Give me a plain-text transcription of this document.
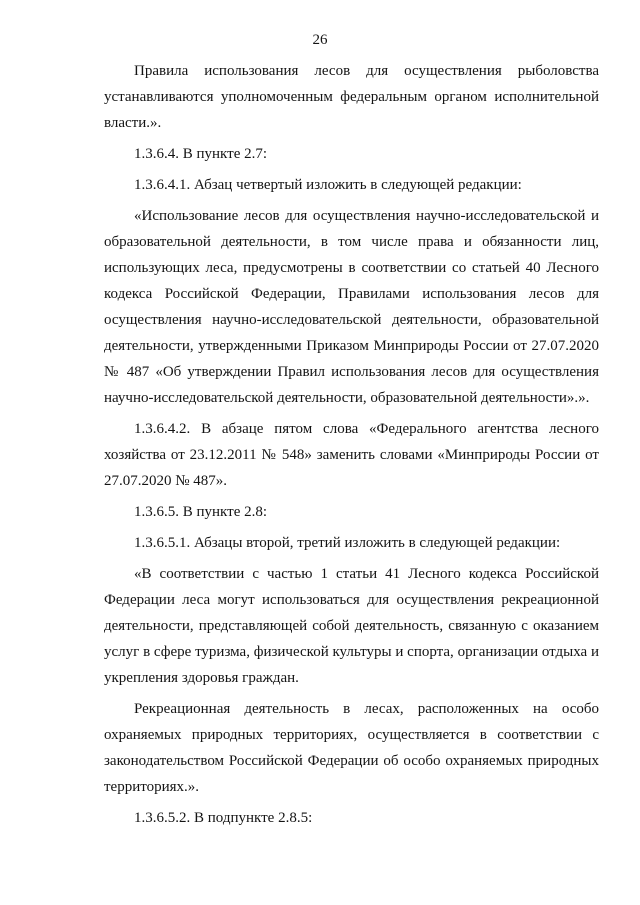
26

Правила использования лесов для осуществления рыболовства устанавливаются уполномоченным федеральным органом исполнительной власти.».

1.3.6.4. В пункте 2.7:

1.3.6.4.1. Абзац четвертый изложить в следующей редакции:

«Использование лесов для осуществления научно-исследовательской и образовательной деятельности, в том числе права и обязанности лиц, использующих леса, предусмотрены в соответствии со статьей 40 Лесного кодекса Российской Федерации, Правилами использования лесов для осуществления научно-исследовательской деятельности, образовательной деятельности, утвержденными Приказом Минприроды России от 27.07.2020 № 487 «Об утверждении Правил использования лесов для осуществления научно-исследовательской деятельности, образовательной деятельности».».

1.3.6.4.2. В абзаце пятом слова «Федерального агентства лесного хозяйства от 23.12.2011 № 548» заменить словами «Минприроды России от 27.07.2020 № 487».

1.3.6.5. В пункте 2.8:

1.3.6.5.1. Абзацы второй, третий изложить в следующей редакции:

«В соответствии с частью 1 статьи 41 Лесного кодекса Российской Федерации леса могут использоваться для осуществления рекреационной деятельности, представляющей собой деятельность, связанную с оказанием услуг в сфере туризма, физической культуры и спорта, организации отдыха и укрепления здоровья граждан.

Рекреационная деятельность в лесах, расположенных на особо охраняемых природных территориях, осуществляется в соответствии с законодательством Российской Федерации об особо охраняемых природных территориях.».

1.3.6.5.2. В подпункте 2.8.5:
